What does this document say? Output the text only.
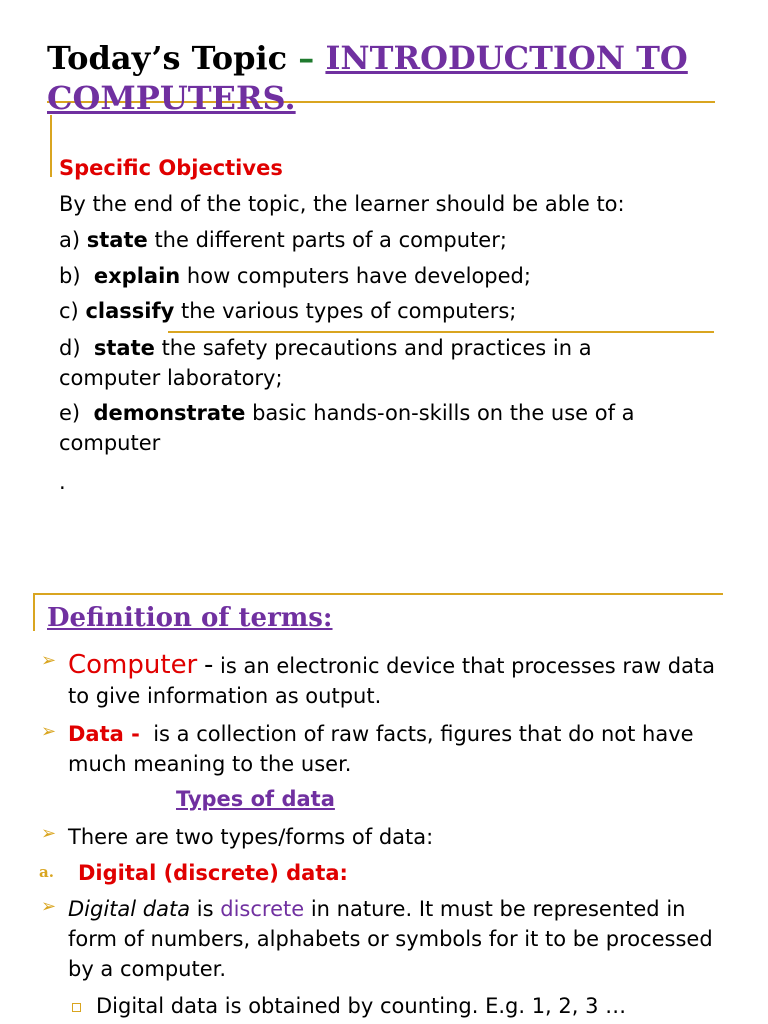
Today’s Topic – INTRODUCTION TO COMPUTERS.
Specific Objectives
By the end of the topic, the learner should be able to:
a) state the different parts of a computer;
b) explain how computers have developed;
c) classify the various types of computers;
d) state the safety precautions and practices in a computer laboratory;
e) demonstrate basic hands-on-skills on the use of a computer
.
Definition of terms:
➢ Computer - is an electronic device that processes raw data to give information as output.
➢ Data - is a collection of raw facts, figures that do not have much meaning to the user.
Types of data
➢ There are two types/forms of data:
a. Digital (discrete) data:
➢ Digital data is discrete in nature. It must be represented in form of numbers, alphabets or symbols for it to be processed by a computer.
Digital data is obtained by counting. E.g. 1, 2, 3 …
